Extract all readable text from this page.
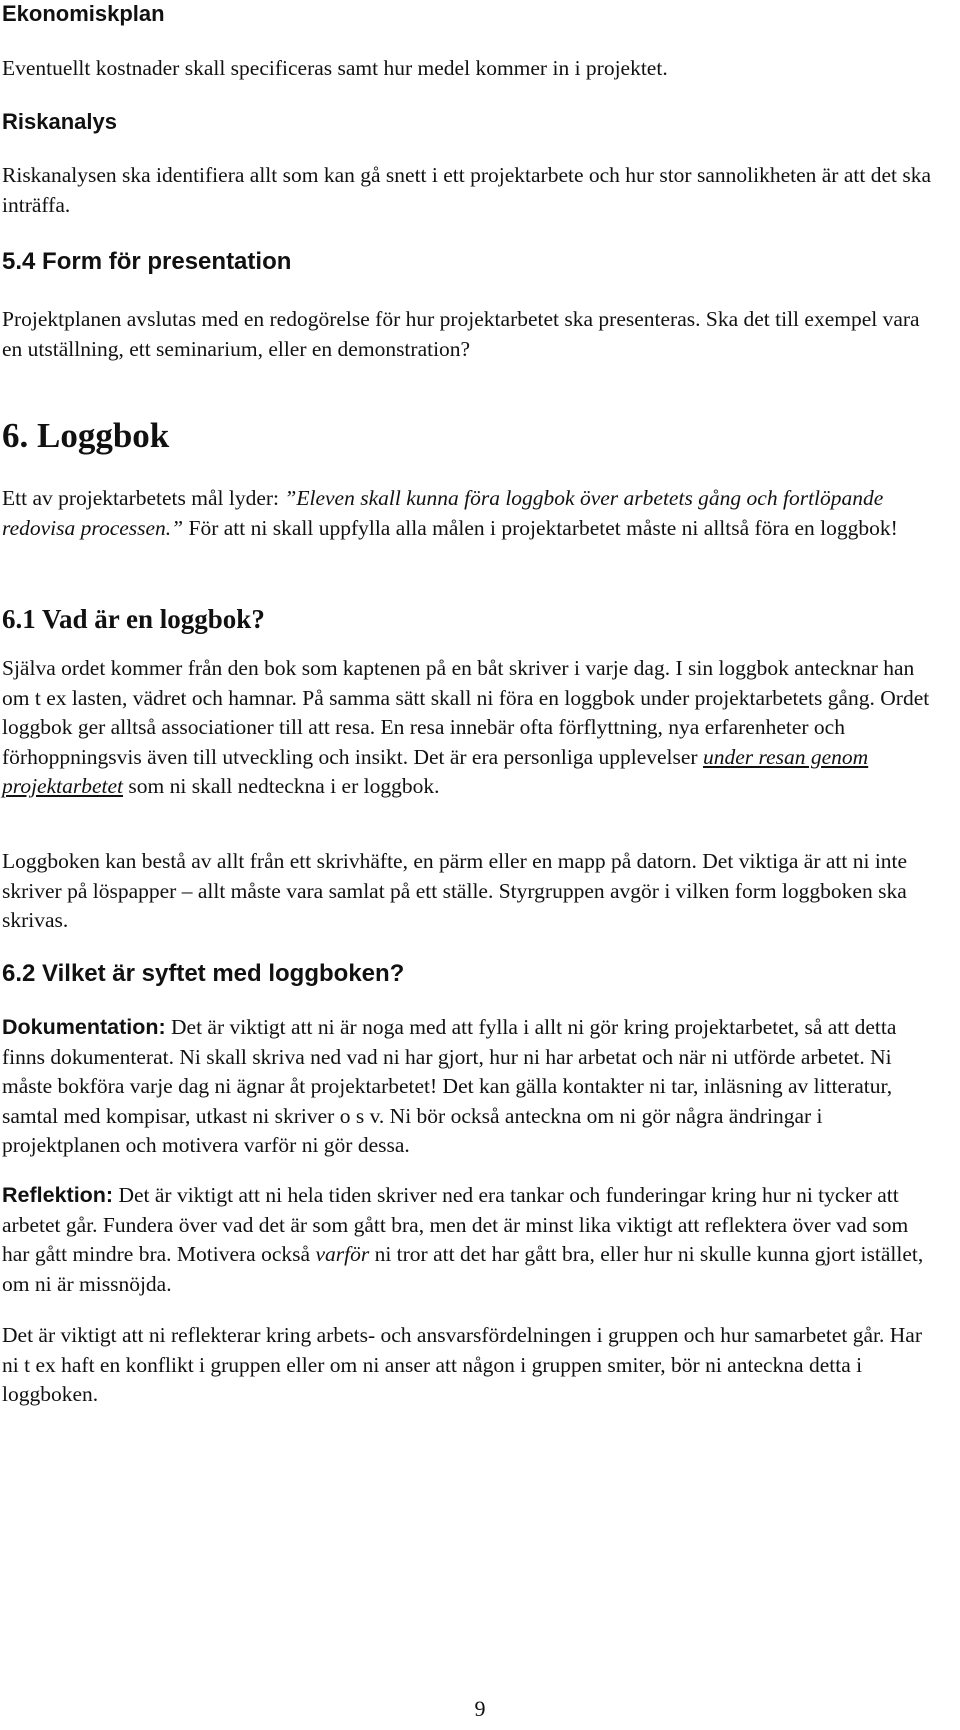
Ekonomiskplan

Eventuellt kostnader skall specificeras samt hur medel kommer in i projektet.

Riskanalys

Riskanalysen ska identifiera allt som kan gå snett i ett projektarbete och hur stor sannolikheten är att det ska inträffa.

5.4 Form för presentation

Projektplanen avslutas med en redogörelse för hur projektarbetet ska presenteras. Ska det till exempel vara en utställning, ett seminarium, eller en demonstration?

6. Loggbok

Ett av projektarbetets mål lyder: ”Eleven skall kunna föra loggbok över arbetets gång och fortlöpande redovisa processen.” För att ni skall uppfylla alla målen i projektarbetet måste ni alltså föra en loggbok!

6.1 Vad är en loggbok?

Själva ordet kommer från den bok som kaptenen på en båt skriver i varje dag. I sin loggbok antecknar han om t ex lasten, vädret och hamnar. På samma sätt skall ni föra en loggbok under projektarbetets gång. Ordet loggbok ger alltså associationer till att resa. En resa innebär ofta förflyttning, nya erfarenheter och förhoppningsvis även till utveckling och insikt. Det är era personliga upplevelser under resan genom projektarbetet som ni skall nedteckna i er loggbok.

Loggboken kan bestå av allt från ett skrivhäfte, en pärm eller en mapp på datorn. Det viktiga är att ni inte skriver på löspapper – allt måste vara samlat på ett ställe. Styrgruppen avgör i vilken form loggboken ska skrivas.

6.2 Vilket är syftet med loggboken?

Dokumentation: Det är viktigt att ni är noga med att fylla i allt ni gör kring projektarbetet, så att detta finns dokumenterat. Ni skall skriva ned vad ni har gjort, hur ni har arbetat och när ni utförde arbetet. Ni måste bokföra varje dag ni ägnar åt projektarbetet! Det kan gälla kontakter ni tar, inläsning av litteratur, samtal med kompisar, utkast ni skriver o s v. Ni bör också anteckna om ni gör några ändringar i projektplanen och motivera varför ni gör dessa.

Reflektion: Det är viktigt att ni hela tiden skriver ned era tankar och funderingar kring hur ni tycker att arbetet går. Fundera över vad det är som gått bra, men det är minst lika viktigt att reflektera över vad som har gått mindre bra. Motivera också varför ni tror att det har gått bra, eller hur ni skulle kunna gjort istället, om ni är missnöjda.

Det är viktigt att ni reflekterar kring arbets- och ansvarsfördelningen i gruppen och hur samarbetet går. Har ni t ex haft en konflikt i gruppen eller om ni anser att någon i gruppen smiter, bör ni anteckna detta i loggboken.

9
